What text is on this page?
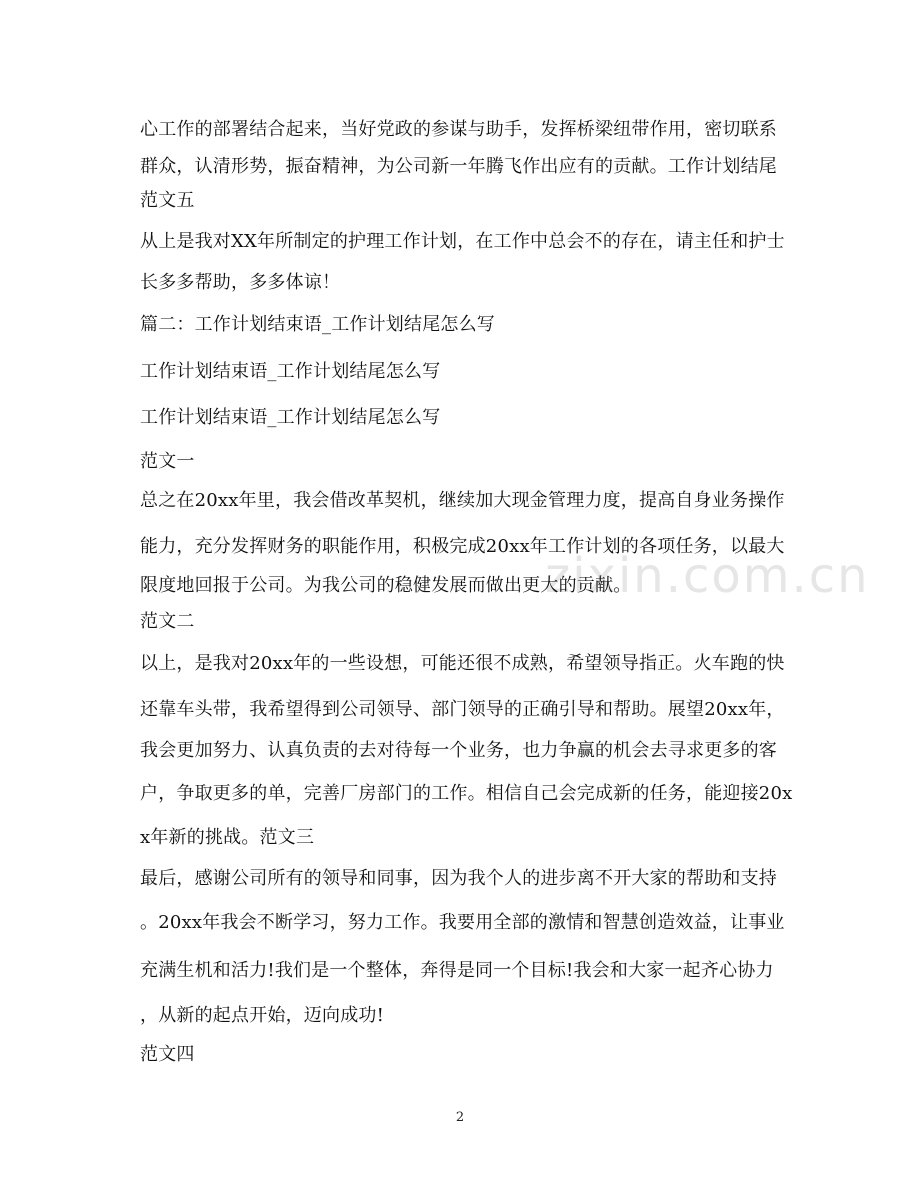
zixin.com.cn
心工作的部署结合起来，当好党政的参谋与助手，发挥桥梁纽带作用，密切联系
群众，认清形势，振奋精神，为公司新一年腾飞作出应有的贡献。工作计划结尾
范文五
从上是我对XX年所制定的护理工作计划，在工作中总会不的存在，请主任和护士
长多多帮助，多多体谅！
篇二：工作计划结束语_工作计划结尾怎么写
工作计划结束语_工作计划结尾怎么写
工作计划结束语_工作计划结尾怎么写
范文一
总之在20xx年里，我会借改革契机，继续加大现金管理力度，提高自身业务操作
能力，充分发挥财务的职能作用，积极完成20xx年工作计划的各项任务，以最大
限度地回报于公司。为我公司的稳健发展而做出更大的贡献。
范文二
以上，是我对20xx年的一些设想，可能还很不成熟，希望领导指正。火车跑的快
还靠车头带，我希望得到公司领导、部门领导的正确引导和帮助。展望20xx年，
我会更加努力、认真负责的去对待每一个业务，也力争赢的机会去寻求更多的客
户，争取更多的单，完善厂房部门的工作。相信自己会完成新的任务，能迎接20x
x年新的挑战。范文三
最后，感谢公司所有的领导和同事，因为我个人的进步离不开大家的帮助和支持
。20xx年我会不断学习，努力工作。我要用全部的激情和智慧创造效益，让事业
充满生机和活力!我们是一个整体，奔得是同一个目标!我会和大家一起齐心协力
，从新的起点开始，迈向成功!
范文四
2
